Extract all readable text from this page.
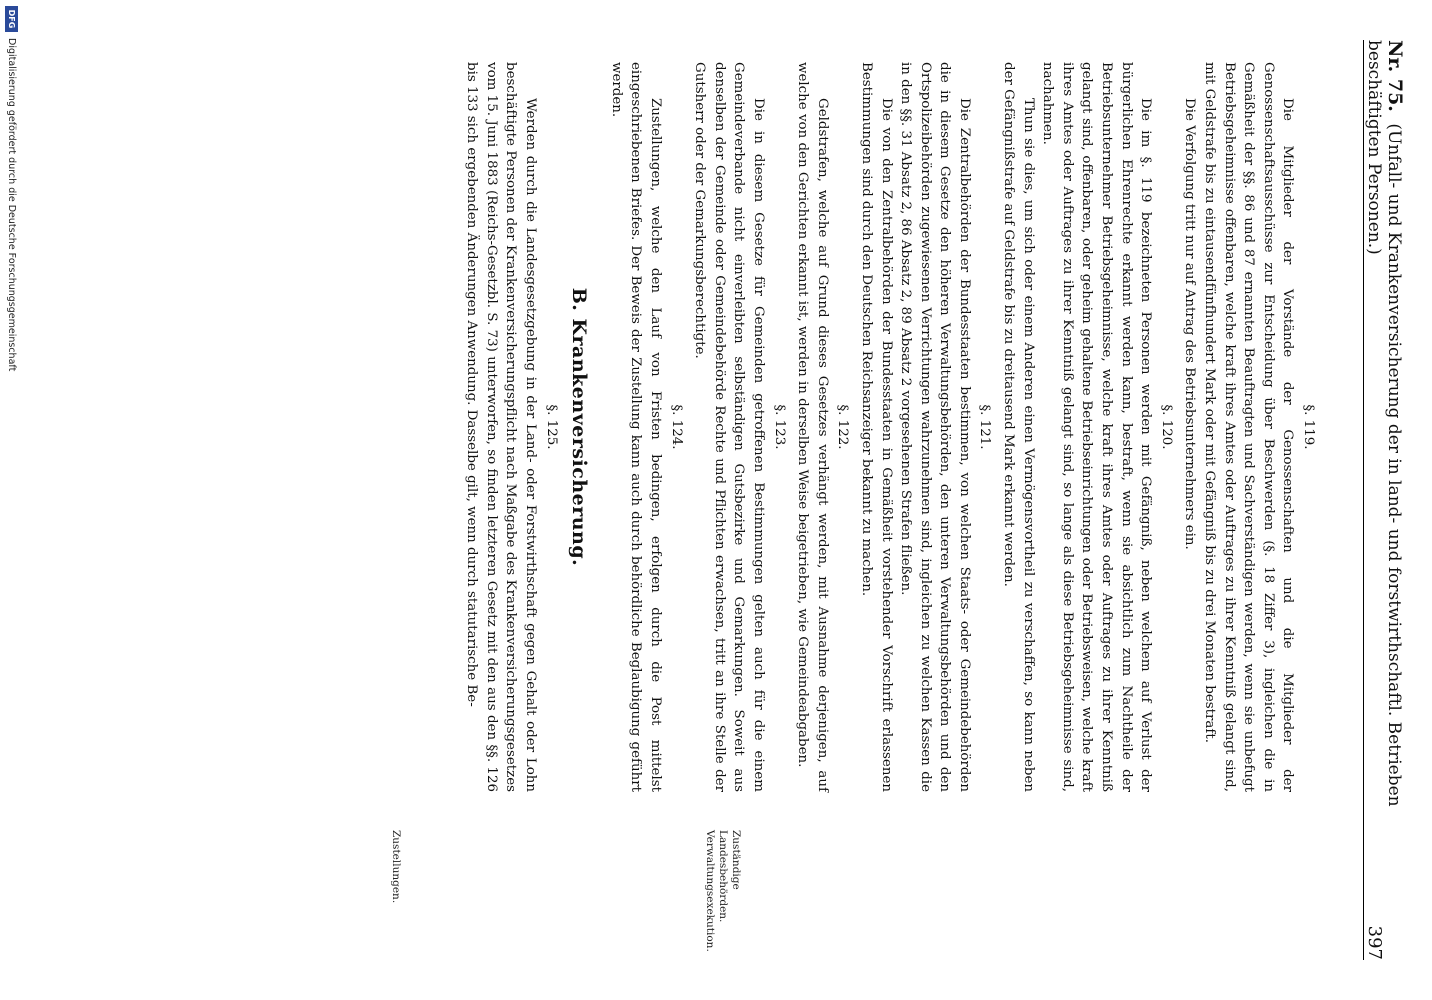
Nr. 75. (Unfall- und Krankenversicherung der in land- und forstwirthschaftl. Betrieben beschäftigten Personen.)
397
§. 119.

Die Mitglieder der Vorstände der Genossenschaften und die Mitglieder der Genossenschaftsausschüsse zur Entscheidung über Beschwerden (§. 18 Ziffer 3), ingleichen die in Gemäßheit der §§. 86 und 87 ernannten Beauftragten und Sachverständigen werden, wenn sie unbefugt Betriebsgeheimnisse offenbaren, welche kraft ihres Amtes oder Auftrages zu ihrer Kenntniß gelangt sind, mit Geldstrafe bis zu eintausendfünfhundert Mark oder mit Gefängniß bis zu drei Monaten bestraft.

Die Verfolgung tritt nur auf Antrag des Betriebsunternehmers ein.

§. 120.

Die im §. 119 bezeichneten Personen werden mit Gefängniß, neben welchem auf Verlust der bürgerlichen Ehrenrechte erkannt werden kann, bestraft, wenn sie absichtlich zum Nachtheile der Betriebsunternehmer Betriebsgeheimnisse, welche kraft ihres Amtes oder Auftrages zu ihrer Kenntniß gelangt sind, offenbaren, oder geheim gehaltene Betriebseinrichtungen oder Betriebsweisen, welche kraft ihres Amtes oder Auftrages zu ihrer Kenntniß gelangt sind, so lange als diese Betriebsgeheimnisse sind, nachahmen.

Thun sie dies, um sich oder einem Anderen einen Vermögensvortheil zu verschaffen, so kann neben der Gefängnißstrafe auf Geldstrafe bis zu dreitausend Mark erkannt werden.

§. 121.

Die Zentralbehörden der Bundesstaaten bestimmen, von welchen Staats- oder Gemeindebehörden die in diesem Gesetze den höheren Verwaltungsbehörden, den unteren Verwaltungsbehörden und den Ortspolizeibehörden zugewiesenen Verrichtungen wahrzunehmen sind, ingleichen zu welchen Kassen die in den §§. 31 Absatz 2, 86 Absatz 2, 89 Absatz 2 vorgesehenen Strafen fließen.

Die von den Zentralbehörden der Bundesstaaten in Gemäßheit vorstehender Vorschrift erlassenen Bestimmungen sind durch den Deutschen Reichsanzeiger bekannt zu machen.

§. 122.

Geldstrafen, welche auf Grund dieses Gesetzes verhängt werden, mit Ausnahme derjenigen, auf welche von den Gerichten erkannt ist, werden in derselben Weise beigetrieben, wie Gemeindeabgaben.

§. 123.

Die in diesem Gesetze für Gemeinden getroffenen Bestimmungen gelten auch für die einem Gemeindeverbande nicht einverleibten selbständigen Gutsbezirke und Gemarkungen. Soweit aus denselben der Gemeinde oder Gemeindebehörde Rechte und Pflichten erwachsen, tritt an ihre Stelle der Gutsherr oder der Gemarkungsberechtigte.

§. 124.

Zustellungen, welche den Lauf von Fristen bedingen, erfolgen durch die Post mittelst eingeschriebenen Briefes. Der Beweis der Zustellung kann auch durch behördliche Beglaubigung geführt werden.

B. Krankenversicherung.
§. 125.

Werden durch die Landesgesetzgebung in der Land- oder Forstwirthschaft gegen Gehalt oder Lohn beschäftigte Personen der Krankenversicherungspflicht nach Maßgabe des Krankenversicherungsgesetzes vom 15. Juni 1883 (Reichs-Gesetzbl. S. 73) unterworfen, so finden letzteren Gesetz mit den aus den §§. 126 bis 133 sich ergebenden Änderungen Anwendung. Dasselbe gilt, wenn durch statutarische Be-

Zuständige Landesbehörden.
Verwaltungsexekution.
Zustellungen.
DFG
Digitalisierung gefördert durch die Deutsche Forschungsgemeinschaft
